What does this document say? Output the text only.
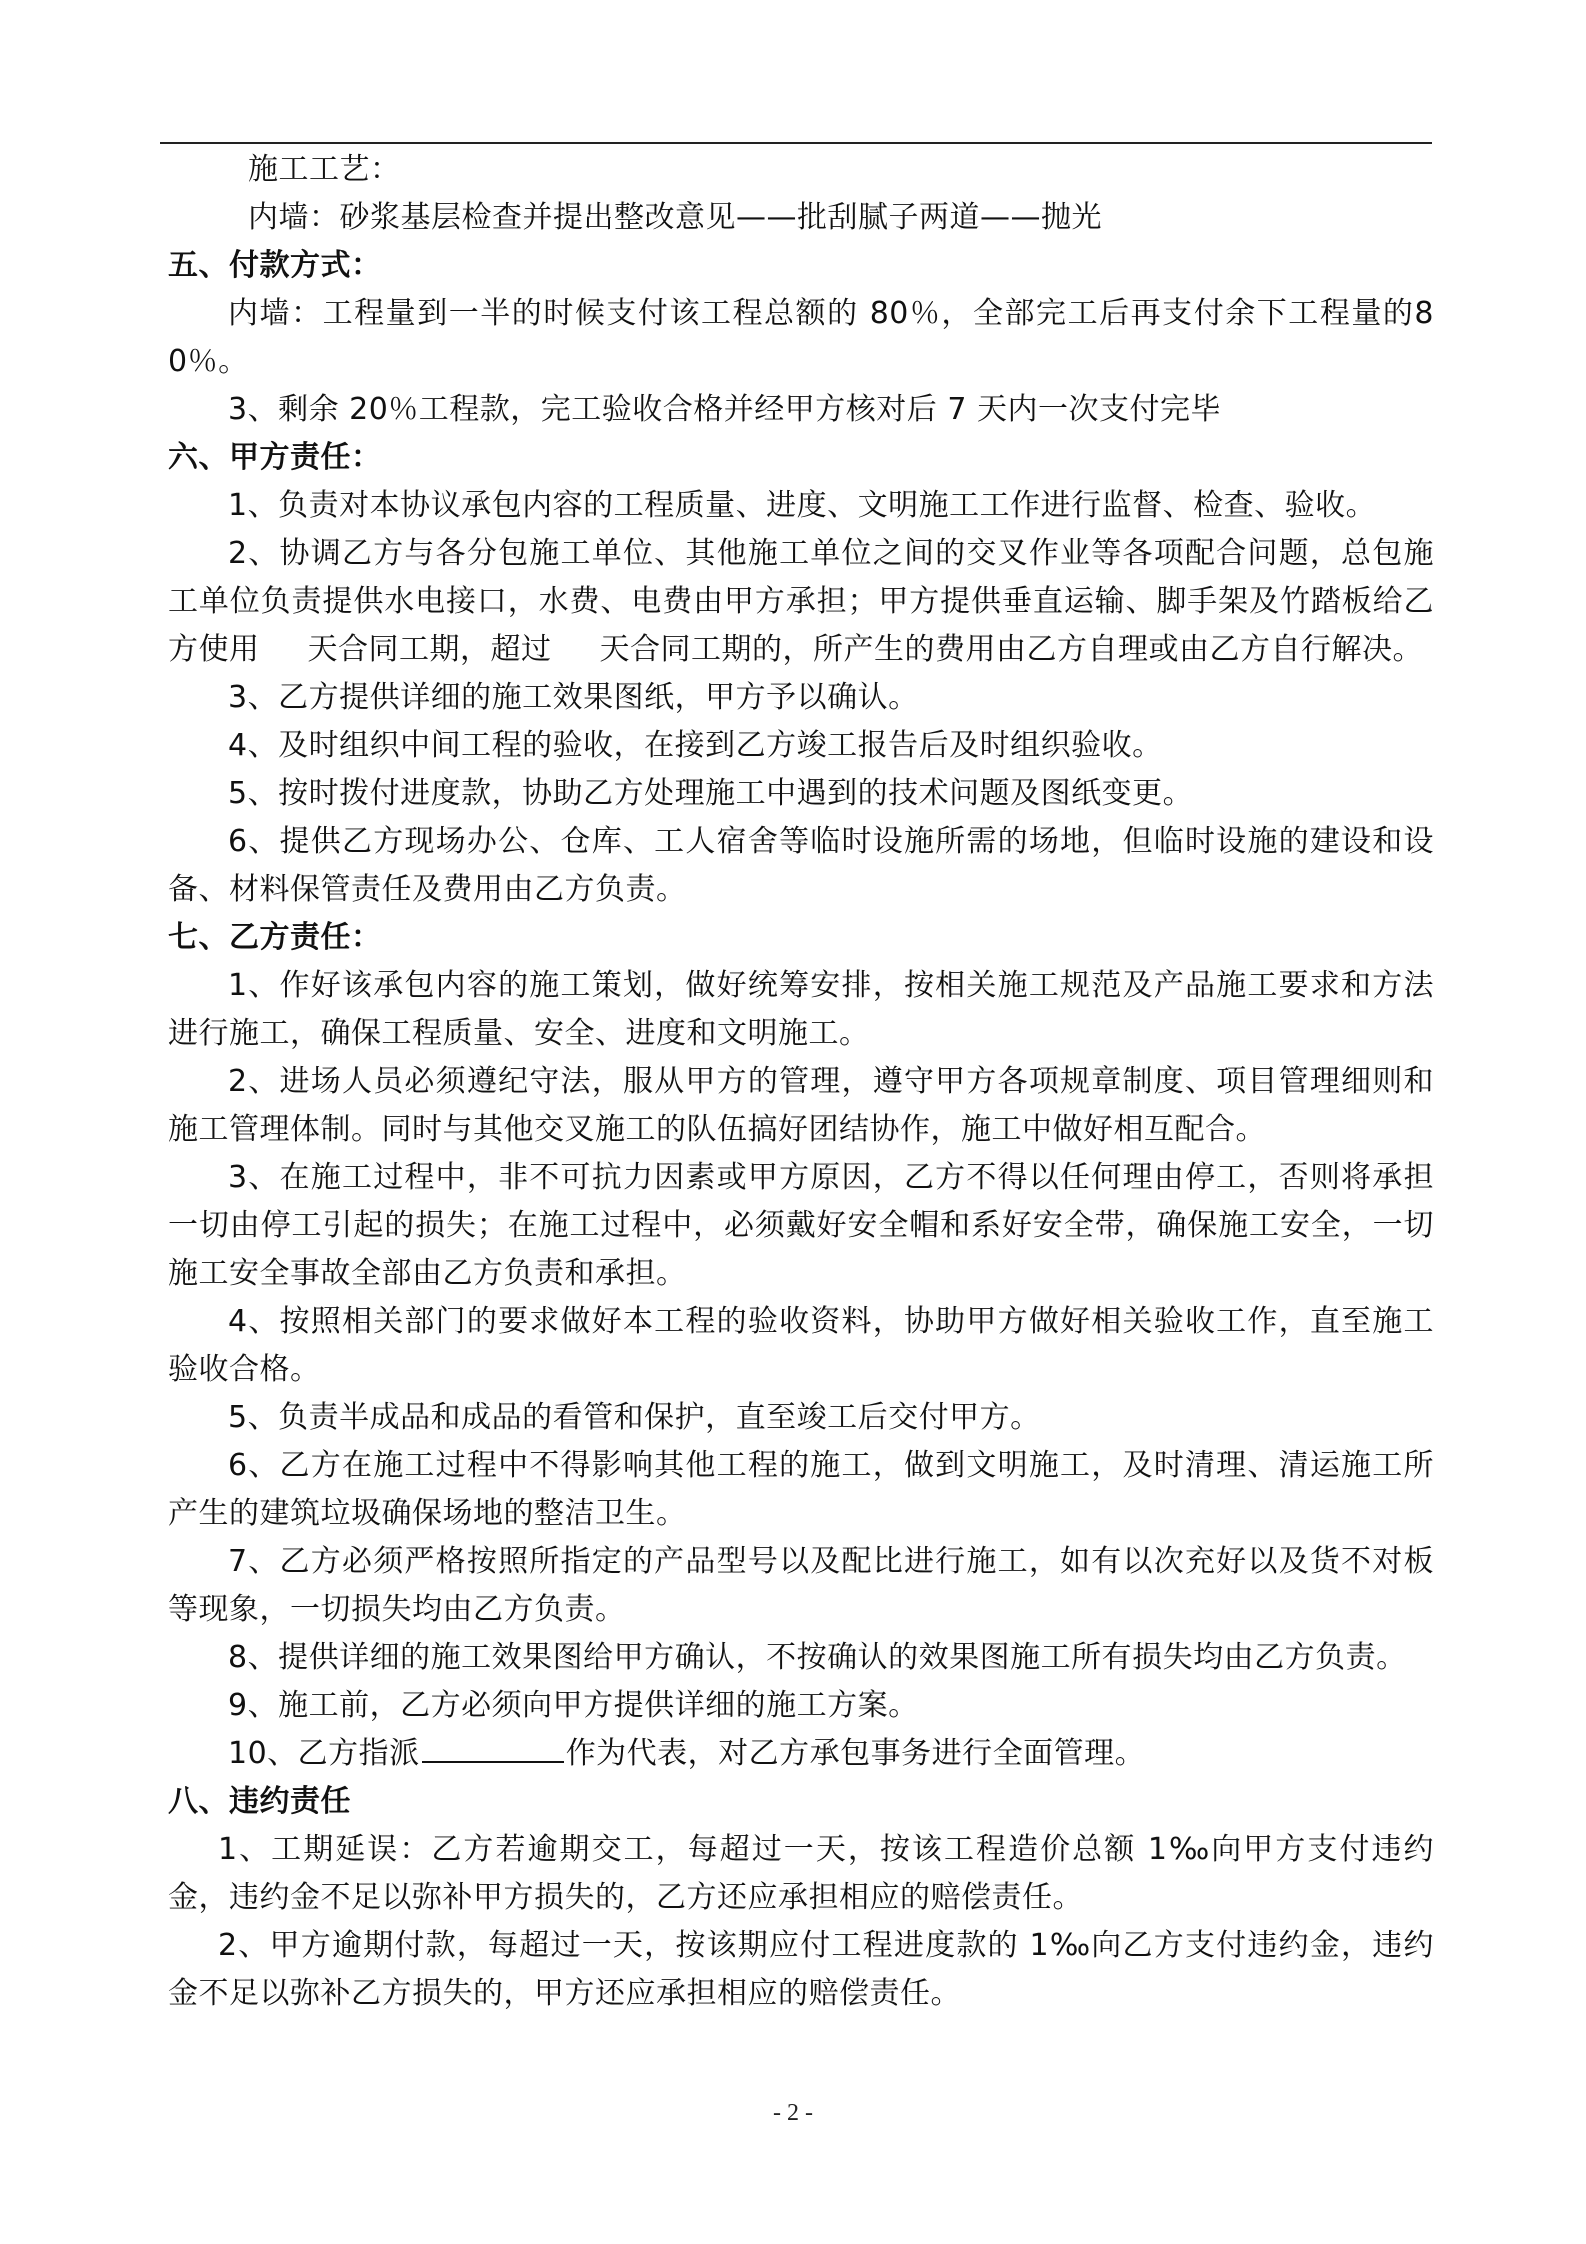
施工工艺：

内墙：砂浆基层检查并提出整改意见——批刮腻子两道——抛光

五、付款方式：

内墙：工程量到一半的时候支付该工程总额的 80％，全部完工后再支付余下工程量的80％。

3、剩余 20％工程款，完工验收合格并经甲方核对后 7 天内一次支付完毕

六、甲方责任：

1、负责对本协议承包内容的工程质量、进度、文明施工工作进行监督、检查、验收。

2、协调乙方与各分包施工单位、其他施工单位之间的交叉作业等各项配合问题，总包施工单位负责提供水电接口，水费、电费由甲方承担；甲方提供垂直运输、脚手架及竹踏板给乙方使用 天合同工期，超过 天合同工期的，所产生的费用由乙方自理或由乙方自行解决。

3、乙方提供详细的施工效果图纸，甲方予以确认。

4、及时组织中间工程的验收，在接到乙方竣工报告后及时组织验收。

5、按时拨付进度款，协助乙方处理施工中遇到的技术问题及图纸变更。

6、提供乙方现场办公、仓库、工人宿舍等临时设施所需的场地，但临时设施的建设和设备、材料保管责任及费用由乙方负责。

七、乙方责任：

1、作好该承包内容的施工策划，做好统筹安排，按相关施工规范及产品施工要求和方法进行施工，确保工程质量、安全、进度和文明施工。

2、进场人员必须遵纪守法，服从甲方的管理，遵守甲方各项规章制度、项目管理细则和施工管理体制。同时与其他交叉施工的队伍搞好团结协作，施工中做好相互配合。

3、在施工过程中，非不可抗力因素或甲方原因，乙方不得以任何理由停工，否则将承担一切由停工引起的损失；在施工过程中，必须戴好安全帽和系好安全带，确保施工安全，一切施工安全事故全部由乙方负责和承担。

4、按照相关部门的要求做好本工程的验收资料，协助甲方做好相关验收工作，直至施工验收合格。

5、负责半成品和成品的看管和保护，直至竣工后交付甲方。

6、乙方在施工过程中不得影响其他工程的施工，做到文明施工，及时清理、清运施工所产生的建筑垃圾确保场地的整洁卫生。

7、乙方必须严格按照所指定的产品型号以及配比进行施工，如有以次充好以及货不对板等现象，一切损失均由乙方负责。

8、提供详细的施工效果图给甲方确认，不按确认的效果图施工所有损失均由乙方负责。

9、施工前，乙方必须向甲方提供详细的施工方案。

10、乙方指派	作为代表，对乙方承包事务进行全面管理。

八、违约责任

1、工期延误：乙方若逾期交工，每超过一天，按该工程造价总额 1‰向甲方支付违约金，违约金不足以弥补甲方损失的，乙方还应承担相应的赔偿责任。

2、甲方逾期付款，每超过一天，按该期应付工程进度款的 1‰向乙方支付违约金，违约金不足以弥补乙方损失的，甲方还应承担相应的赔偿责任。

- 2 -
